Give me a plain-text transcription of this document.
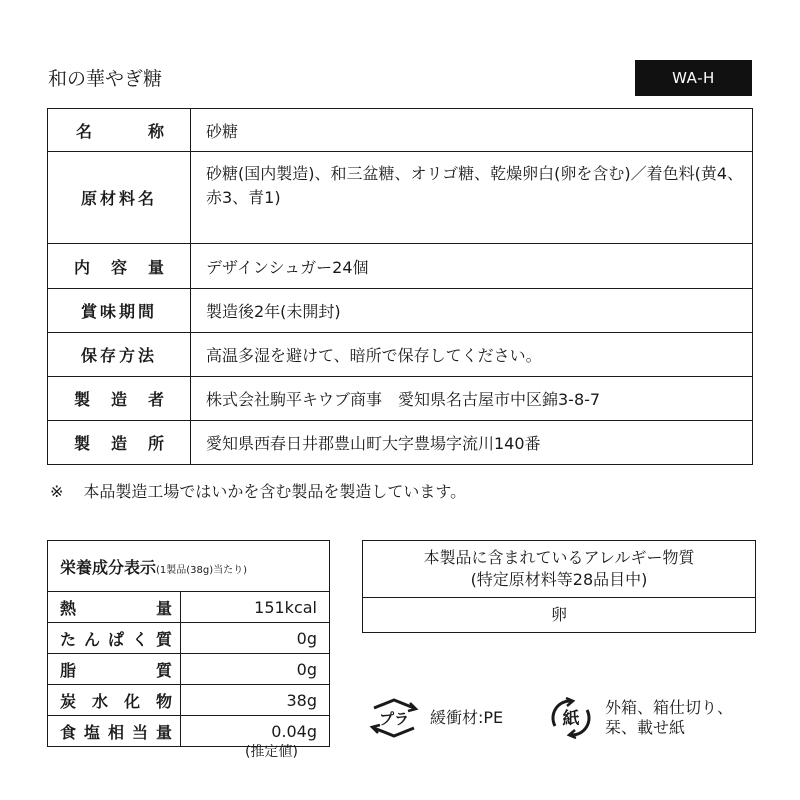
和の華やぎ糖	WA-H
名 称	砂糖
原材料名	砂糖(国内製造)、和三盆糖、オリゴ糖、乾燥卵白(卵を含む)／着色料(黄4、赤3、青1)

内 容 量	デザインシュガー24個
賞味期間	製造後2年(未開封)
保存方法	高温多湿を避けて、暗所で保存してください。

製 造 者	株式会社駒平キウブ商事　愛知県名古屋市中区錦3-8-7

製 造 所	愛知県西春日井郡豊山町大字豊場字流川140番
※ 本品製造工場ではいかを含む製品を製造しています。
栄養成分表示(1製品(38g)当たり)	

熱 量	151kcal

た ん ぱ く 質	0g

脂 質	0g

炭 水 化 物	38g

食 塩 相 当 量	0.04g
(推定値)
本製品に含まれているアレルギー物質
(特定原材料等28品目中)
卵
プラ 緩衝材:PE	紙
外箱、箱仕切り、
栞、載せ紙
